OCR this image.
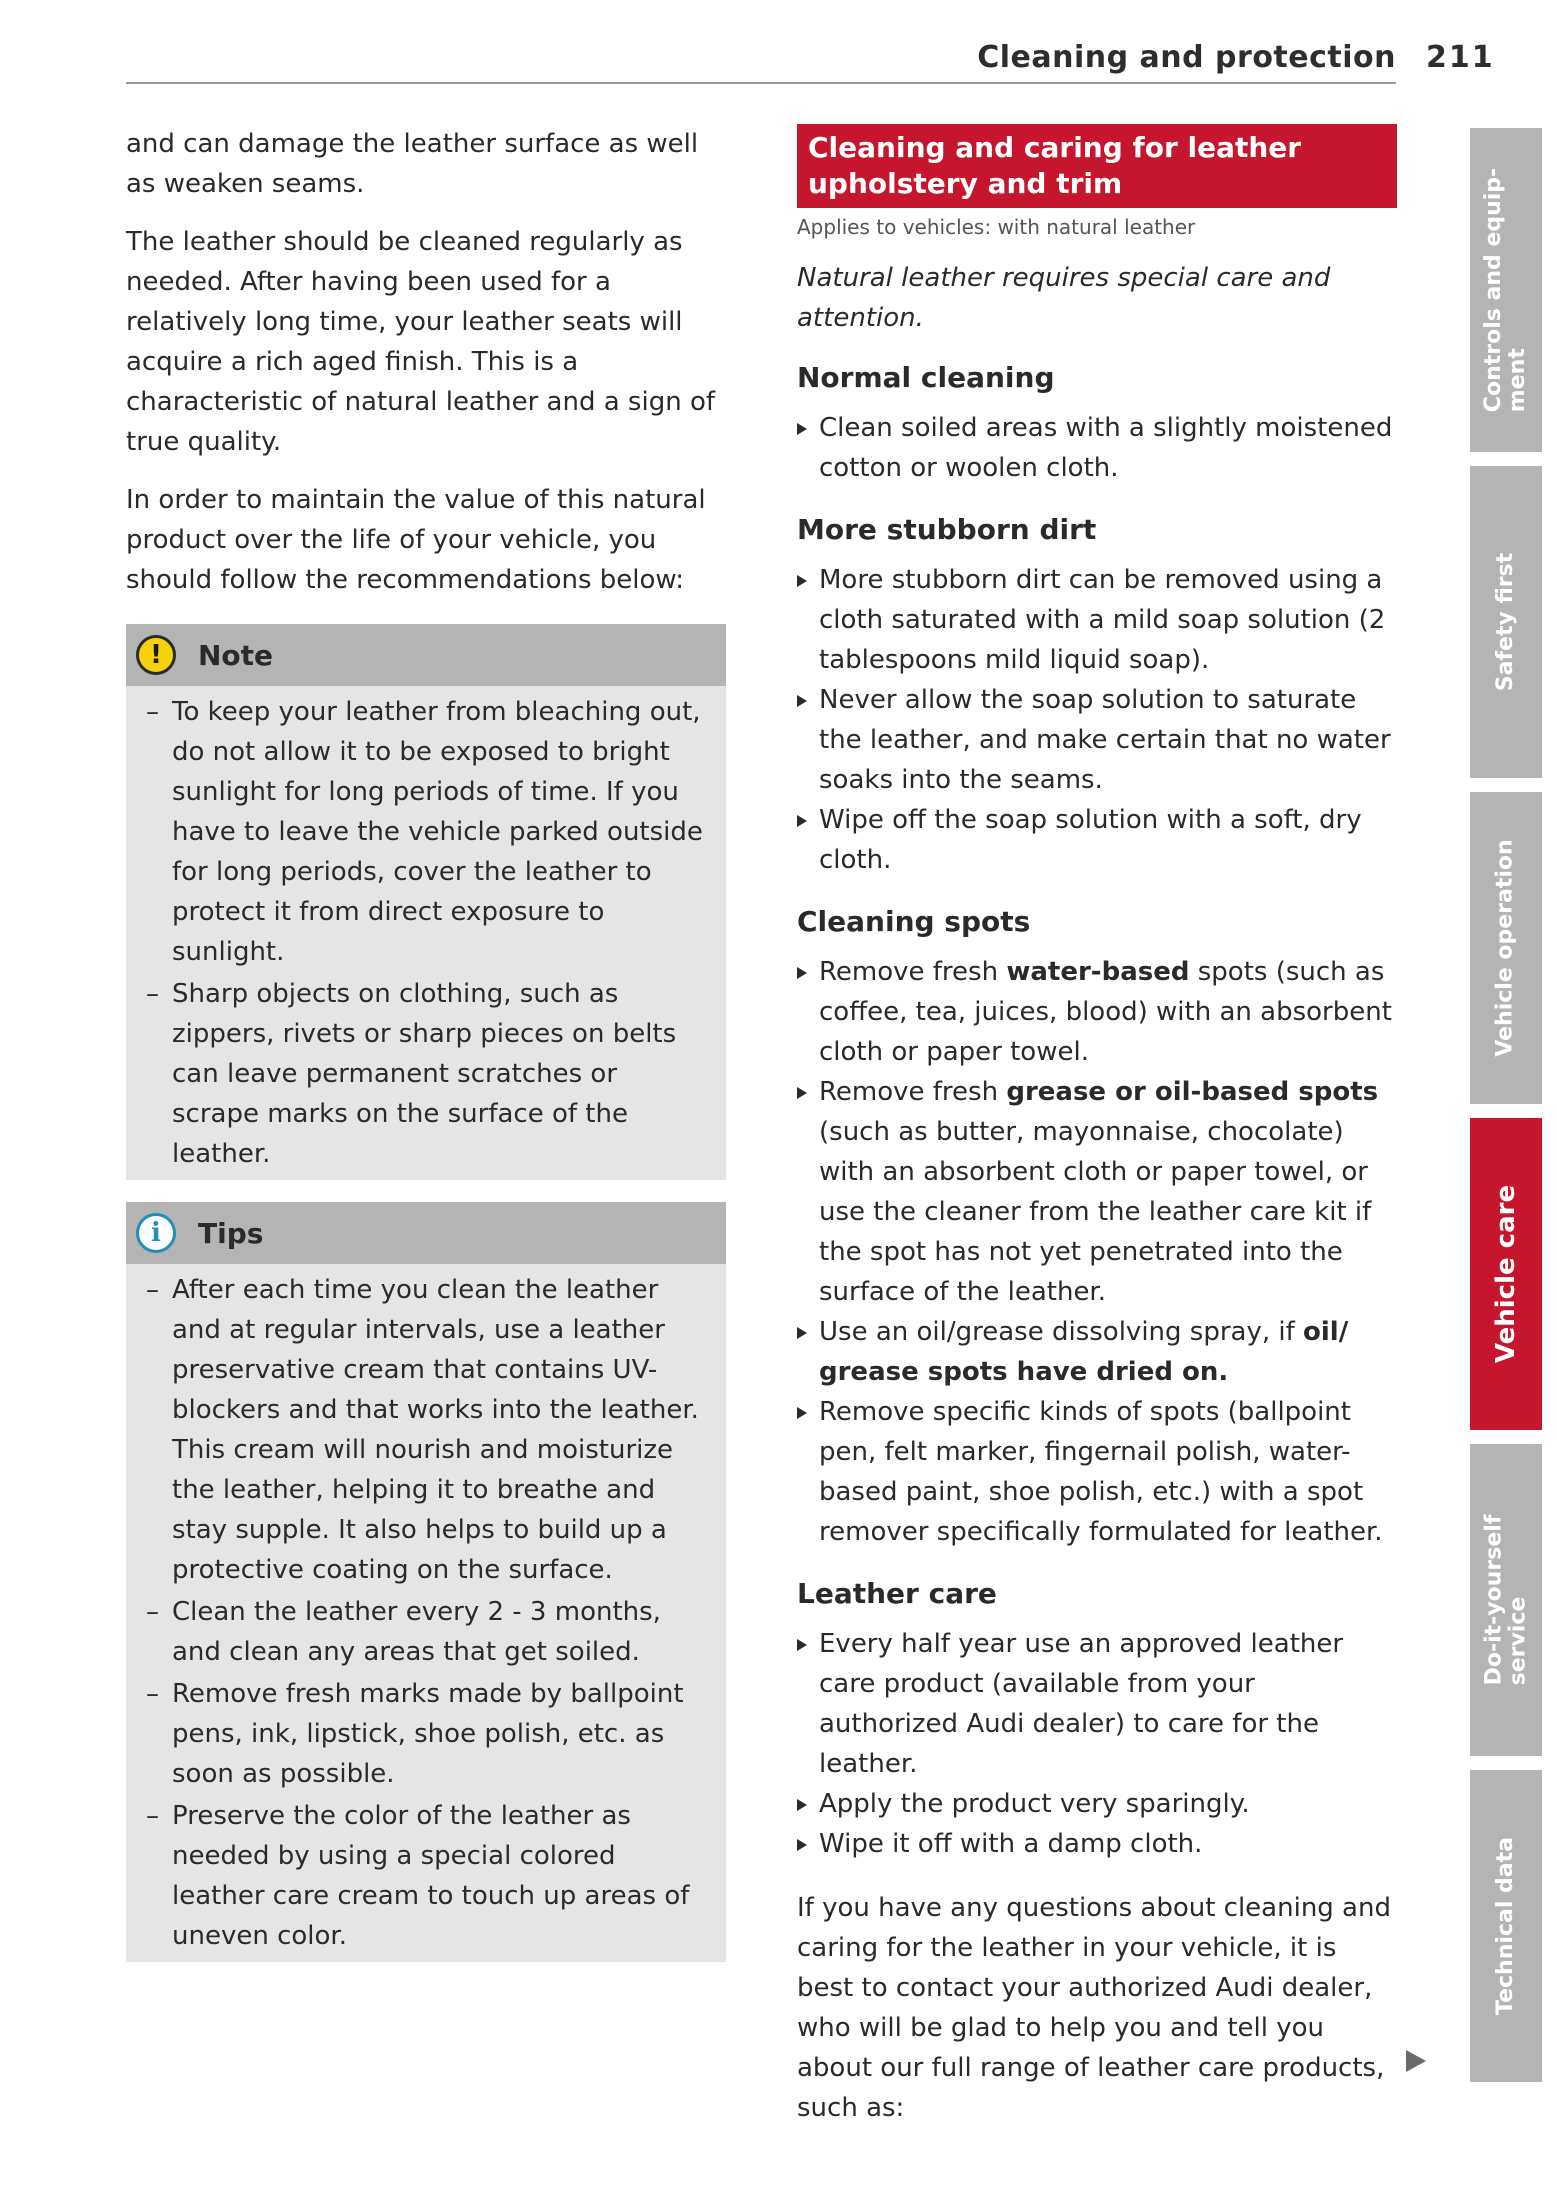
Cleaning and protection 211

and can damage the leather surface as well as weaken seams.

The leather should be cleaned regularly as needed. After having been used for a relatively long time, your leather seats will acquire a rich aged finish. This is a characteristic of natural leather and a sign of true quality.

In order to maintain the value of this natural product over the life of your vehicle, you should follow the recommendations below:

!	Note

– To keep your leather from bleaching out, do not allow it to be exposed to bright sunlight for long periods of time. If you have to leave the vehicle parked outside for long periods, cover the leather to protect it from direct exposure to sunlight.

– Sharp objects on clothing, such as zippers, rivets or sharp pieces on belts can leave permanent scratches or scrape marks on the surface of the leather.

i	Tips

– After each time you clean the leather and at regular intervals, use a leather preservative cream that contains UV-blockers and that works into the leather. This cream will nourish and moisturize the leather, helping it to breathe and stay supple. It also helps to build up a protective coating on the surface.

– Clean the leather every 2 - 3 months, and clean any areas that get soiled.

– Remove fresh marks made by ballpoint pens, ink, lipstick, shoe polish, etc. as soon as possible.

– Preserve the color of the leather as needed by using a special colored leather care cream to touch up areas of uneven color.

Cleaning and caring for leather upholstery and trim
Applies to vehicles: with natural leather

Natural leather requires special care and attention.

Normal cleaning
Clean soiled areas with a slightly moistened cotton or woolen cloth.
More stubborn dirt
More stubborn dirt can be removed using a cloth saturated with a mild soap solution (2 tablespoons mild liquid soap).
Never allow the soap solution to saturate the leather, and make certain that no water soaks into the seams.
Wipe off the soap solution with a soft, dry cloth.
Cleaning spots
Remove fresh water-based spots (such as coffee, tea, juices, blood) with an absorbent cloth or paper towel.
Remove fresh grease or oil-based spots (such as butter, mayonnaise, chocolate) with an absorbent cloth or paper towel, or use the cleaner from the leather care kit if the spot has not yet penetrated into the surface of the leather.
Use an oil/grease dissolving spray, if oil/ grease spots have dried on.
Remove specific kinds of spots (ballpoint pen, felt marker, fingernail polish, water-based paint, shoe polish, etc.) with a spot remover specifically formulated for leather.
Leather care
Every half year use an approved leather care product (available from your authorized Audi dealer) to care for the leather.
Apply the product very sparingly.
Wipe it off with a damp cloth.

If you have any questions about cleaning and caring for the leather in your vehicle, it is best to contact your authorized Audi dealer, who will be glad to help you and tell you about our full range of leather care products, such as:

Controls and equip- ment
Safety first
Vehicle operation
Vehicle care
Do-it-yourself service
Technical data
